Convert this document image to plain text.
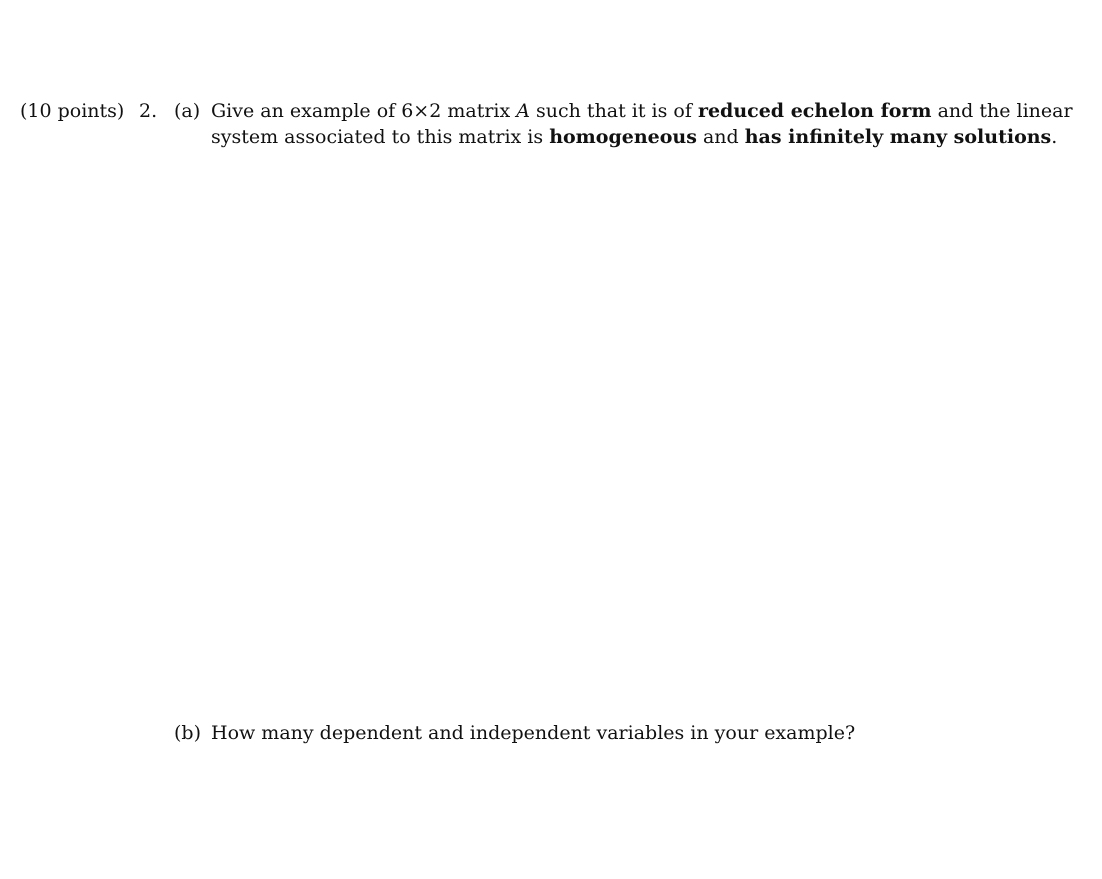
(10 points) 2. (a) Give an example of 6×2 matrix A such that it is of reduced echelon form and the linear
system associated to this matrix is homogeneous and has infinitely many solutions.
(b) How many dependent and independent variables in your example?
